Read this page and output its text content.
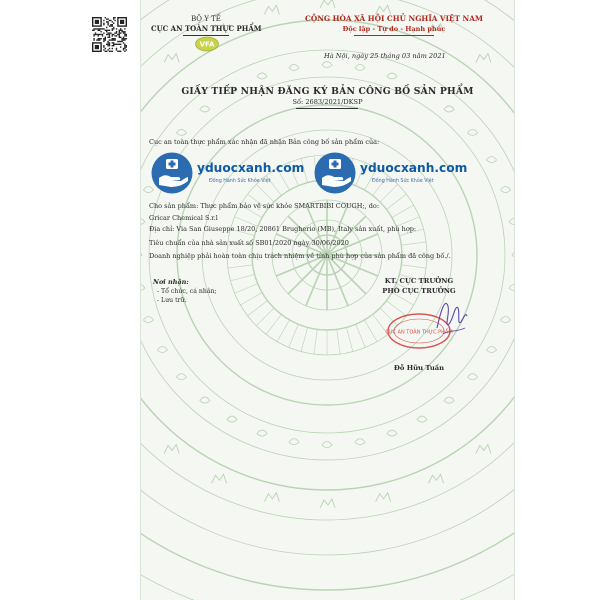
BỘ Y TẾ
CỤC AN TOÀN THỰC PHẨM
VFA
CỘNG HÒA XÃ HỘI CHỦ NGHĨA VIỆT NAM
Độc lập - Tự do - Hạnh phúc
Hà Nội, ngày 25 tháng 03 năm 2021
GIẤY TIẾP NHẬN ĐĂNG KÝ BẢN CÔNG BỐ SẢN PHẨM
Số: 2683/2021/DKSP
Cục an toàn thực phẩm xác nhận đã nhận Bản công bố sản phẩm của:
yduocxanh.com
Đồng Hành Sức Khỏe Việt
yduocxanh.com
Đồng Hành Sức Khỏe Việt
Cho sản phẩm: Thực phẩm bảo vệ sức khỏe SMARTBIBI COUGH;, do:
Gricar Chemical S.r.l
Địa chỉ: Via San Giuseppe 18/20, 20861 Brugherio (MB), Italy sản xuất, phù hợp:
Tiêu chuẩn của nhà sản xuất số SB01/2020 ngày 30/06/2020
Doanh nghiệp phải hoàn toàn chịu trách nhiệm về tính phù hợp của sản phẩm đã công bố./.
Nơi nhận:
- Tổ chức, cá nhân;
- Lưu trữ.
KT. CỤC TRƯỞNG
PHÓ CỤC TRƯỞNG
CỤC AN TOÀN THỰC PHẨM
Đỗ Hữu Tuấn
